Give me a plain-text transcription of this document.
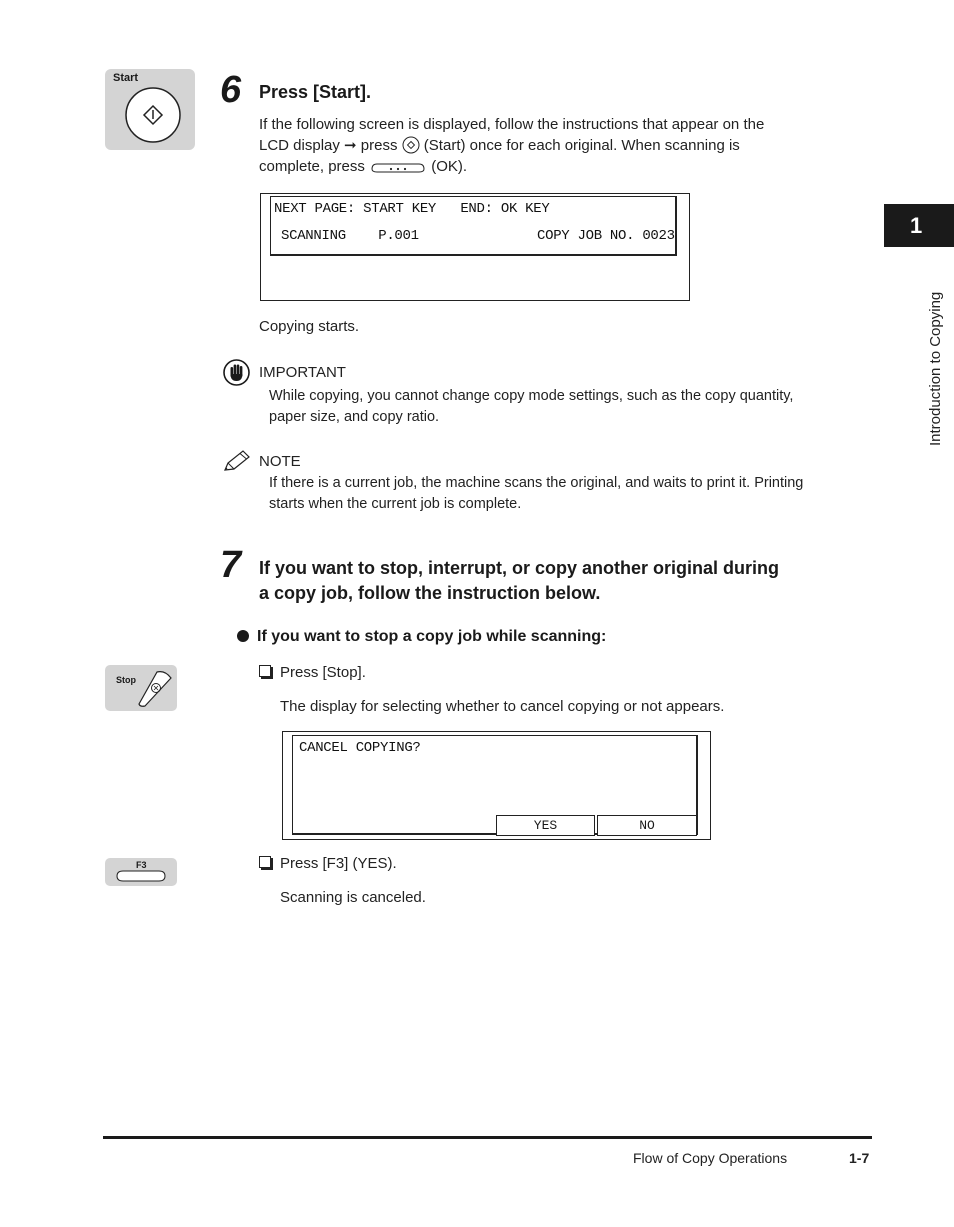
Start 6 Press [Start].
If the following screen is displayed, follow the instructions that appear on the
LCD display ➞ press  (Start) once for each original. When scanning is
complete, press	(OK).
NEXT PAGE: START KEY   END: OK KEY
SCANNING    P.001	COPY JOB NO. 0023
Copying starts.
IMPORTANT
While copying, you cannot change copy mode settings, such as the copy quantity,
paper size, and copy ratio.
NOTE
If there is a current job, the machine scans the original, and waits to print it. Printing
starts when the current job is complete.
7 If you want to stop, interrupt, or copy another original during
a copy job, follow the instruction below.
If you want to stop a copy job while scanning:
Stop	Press [Stop].
The display for selecting whether to cancel copying or not appears.
CANCEL COPYING?
YES	NO
F3	Press [F3] (YES).
Scanning is canceled.
1
Introduction to Copying
Flow of Copy Operations	1-7
